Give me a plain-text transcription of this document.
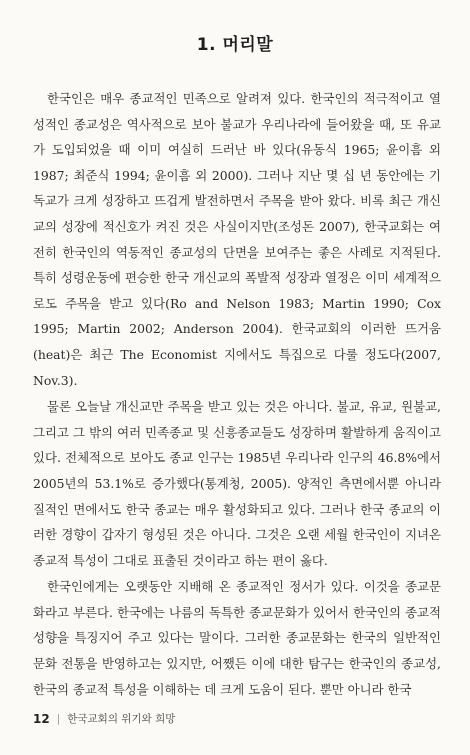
1. 머리말

한국인은 매우 종교적인 민족으로 알려져 있다. 한국인의 적극적이고 열성적인 종교성은 역사적으로 보아 불교가 우리나라에 들어왔을 때, 또 유교가 도입되었을 때 이미 여실히 드러난 바 있다(유동식 1965; 윤이흠 외 1987; 최준식 1994; 윤이흠 외 2000). 그러나 지난 몇 십 년 동안에는 기독교가 크게 성장하고 뜨겁게 발전하면서 주목을 받아 왔다. 비록 최근 개신교의 성장에 적신호가 켜진 것은 사실이지만(조성돈 2007), 한국교회는 여전히 한국인의 역동적인 종교성의 단면을 보여주는 좋은 사례로 지적된다. 특히 성령운동에 편승한 한국 개신교의 폭발적 성장과 열정은 이미 세계적으로도 주목을 받고 있다(Ro and Nelson 1983; Martin 1990; Cox 1995; Martin 2002; Anderson 2004). 한국교회의 이러한 뜨거움(heat)은 최근 The Economist 지에서도 특집으로 다룰 정도다(2007, Nov.3).

물론 오늘날 개신교만 주목을 받고 있는 것은 아니다. 불교, 유교, 원불교, 그리고 그 밖의 여러 민족종교 및 신흥종교들도 성장하며 활발하게 움직이고 있다. 전체적으로 보아도 종교 인구는 1985년 우리나라 인구의 46.8%에서 2005년의 53.1%로 증가했다(통계청, 2005). 양적인 측면에서뿐 아니라 질적인 면에서도 한국 종교는 매우 활성화되고 있다. 그러나 한국 종교의 이러한 경향이 갑자기 형성된 것은 아니다. 그것은 오랜 세월 한국인이 지녀온 종교적 특성이 그대로 표출된 것이라고 하는 편이 옳다.

한국인에게는 오랫동안 지배해 온 종교적인 정서가 있다. 이것을 종교문화라고 부른다. 한국에는 나름의 독특한 종교문화가 있어서 한국인의 종교적 성향을 특징지어 주고 있다는 말이다. 그러한 종교문화는 한국의 일반적인 문화 전통을 반영하고는 있지만, 어쨌든 이에 대한 탐구는 한국인의 종교성, 한국의 종교적 특성을 이해하는 데 크게 도움이 된다. 뿐만 아니라 한국

12 | 한국교회의 위기와 희망
